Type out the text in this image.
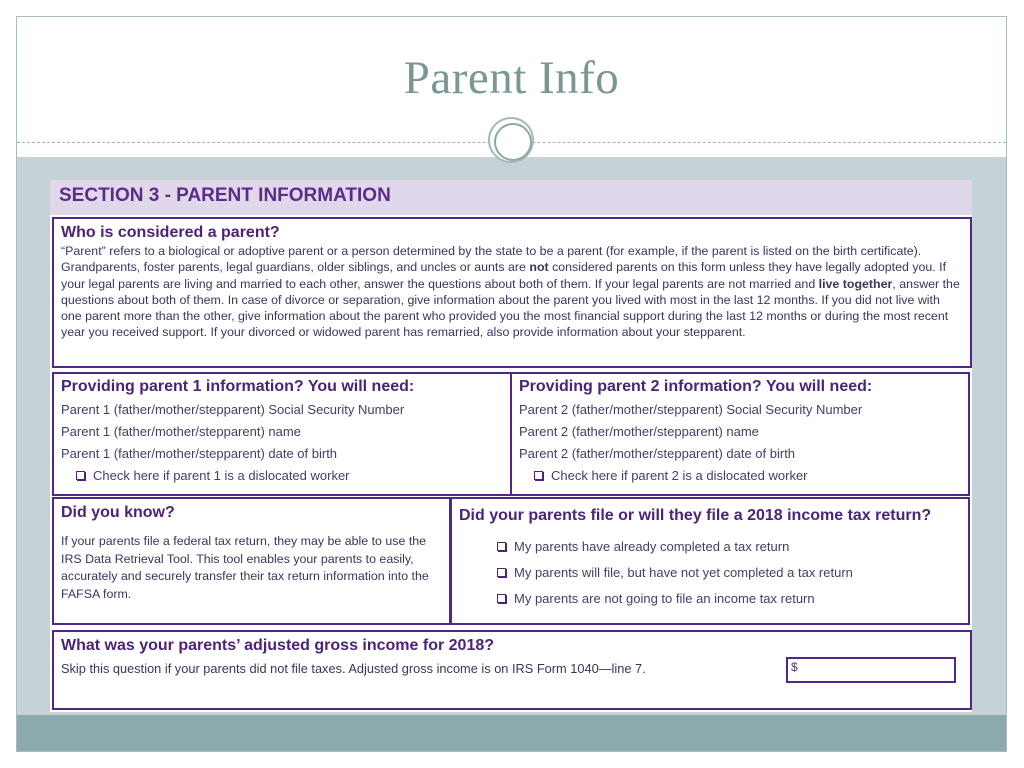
Parent Info
SECTION 3 - PARENT INFORMATION
Who is considered a parent?
“Parent” refers to a biological or adoptive parent or a person determined by the state to be a parent (for example, if the parent is listed on the birth certificate). Grandparents, foster parents, legal guardians, older siblings, and uncles or aunts are not considered parents on this form unless they have legally adopted you. If your legal parents are living and married to each other, answer the questions about both of them. If your legal parents are not married and live together, answer the questions about both of them. In case of divorce or separation, give information about the parent you lived with most in the last 12 months. If you did not live with one parent more than the other, give information about the parent who provided you the most financial support during the last 12 months or during the most recent year you received support. If your divorced or widowed parent has remarried, also provide information about your stepparent.
Providing parent 1 information? You will need:
Parent 1 (father/mother/stepparent) Social Security Number
Parent 1 (father/mother/stepparent) name
Parent 1 (father/mother/stepparent) date of birth
Check here if parent 1 is a dislocated worker
Providing parent 2 information? You will need:
Parent 2 (father/mother/stepparent) Social Security Number
Parent 2 (father/mother/stepparent) name
Parent 2 (father/mother/stepparent) date of birth
Check here if parent 2 is a dislocated worker
Did you know?
If your parents file a federal tax return, they may be able to use the IRS Data Retrieval Tool. This tool enables your parents to easily, accurately and securely transfer their tax return information into the FAFSA form.
Did your parents file or will they file a 2018 income tax return?
My parents have already completed a tax return
My parents will file, but have not yet completed a tax return
My parents are not going to file an income tax return
What was your parents’ adjusted gross income for 2018?
Skip this question if your parents did not file taxes. Adjusted gross income is on IRS Form 1040—line 7.	$
